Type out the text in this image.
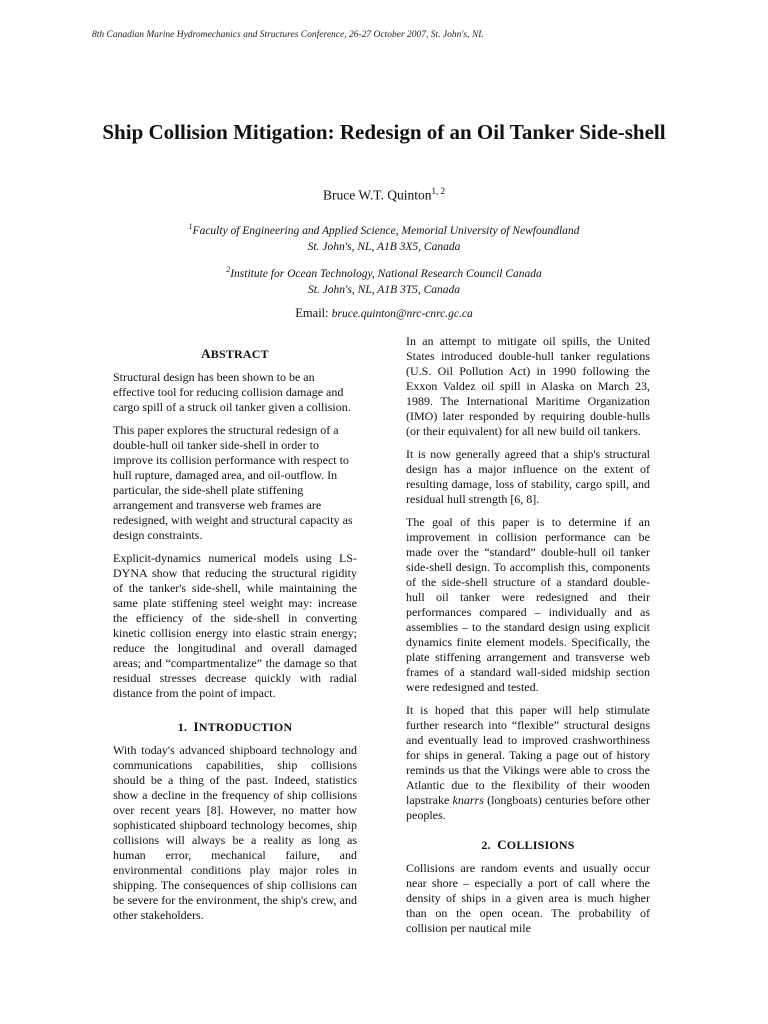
8th Canadian Marine Hydromechanics and Structures Conference, 26-27 October 2007, St. John's, NL
Ship Collision Mitigation: Redesign of an Oil Tanker Side-shell
Bruce W.T. Quinton$^{1, 2}$
$^1$Faculty of Engineering and Applied Science, Memorial University of Newfoundland
St. John's, NL, A1B 3X5, Canada
$^2$Institute for Ocean Technology, National Research Council Canada
St. John's, NL, A1B 3T5, Canada
Email: bruce.quinton@nrc-cnrc.gc.ca
ABSTRACT

Structural design has been shown to be an effective tool for reducing collision damage and cargo spill of a struck oil tanker given a collision.

This paper explores the structural redesign of a double-hull oil tanker side-shell in order to improve its collision performance with respect to hull rupture, damaged area, and oil-outflow. In particular, the side-shell plate stiffening arrangement and transverse web frames are redesigned, with weight and structural capacity as design constraints.

Explicit-dynamics numerical models using LS-DYNA show that reducing the structural rigidity of the tanker's side-shell, while maintaining the same plate stiffening steel weight may: increase the efficiency of the side-shell in converting kinetic collision energy into elastic strain energy; reduce the longitudinal and overall damaged areas; and “compartmentalize” the damage so that residual stresses decrease quickly with radial distance from the point of impact.

1. INTRODUCTION

With today's advanced shipboard technology and communications capabilities, ship collisions should be a thing of the past. Indeed, statistics show a decline in the frequency of ship collisions over recent years [8]. However, no matter how sophisticated shipboard technology becomes, ship collisions will always be a reality as long as human error, mechanical failure, and environmental conditions play major roles in shipping. The consequences of ship collisions can be severe for the environment, the ship's crew, and other stakeholders.

In an attempt to mitigate oil spills, the United States introduced double-hull tanker regulations (U.S. Oil Pollution Act) in 1990 following the Exxon Valdez oil spill in Alaska on March 23, 1989. The International Maritime Organization (IMO) later responded by requiring double-hulls (or their equivalent) for all new build oil tankers.

It is now generally agreed that a ship's structural design has a major influence on the extent of resulting damage, loss of stability, cargo spill, and residual hull strength [6, 8].

The goal of this paper is to determine if an improvement in collision performance can be made over the “standard” double-hull oil tanker side-shell design. To accomplish this, components of the side-shell structure of a standard double-hull oil tanker were redesigned and their performances compared – individually and as assemblies – to the standard design using explicit dynamics finite element models. Specifically, the plate stiffening arrangement and transverse web frames of a standard wall-sided midship section were redesigned and tested.

It is hoped that this paper will help stimulate further research into “flexible” structural designs and eventually lead to improved crashworthiness for ships in general. Taking a page out of history reminds us that the Vikings were able to cross the Atlantic due to the flexibility of their wooden lapstrake knarrs (longboats) centuries before other peoples.

2. COLLISIONS

Collisions are random events and usually occur near shore – especially a port of call where the density of ships in a given area is much higher than on the open ocean. The probability of collision per nautical mile
